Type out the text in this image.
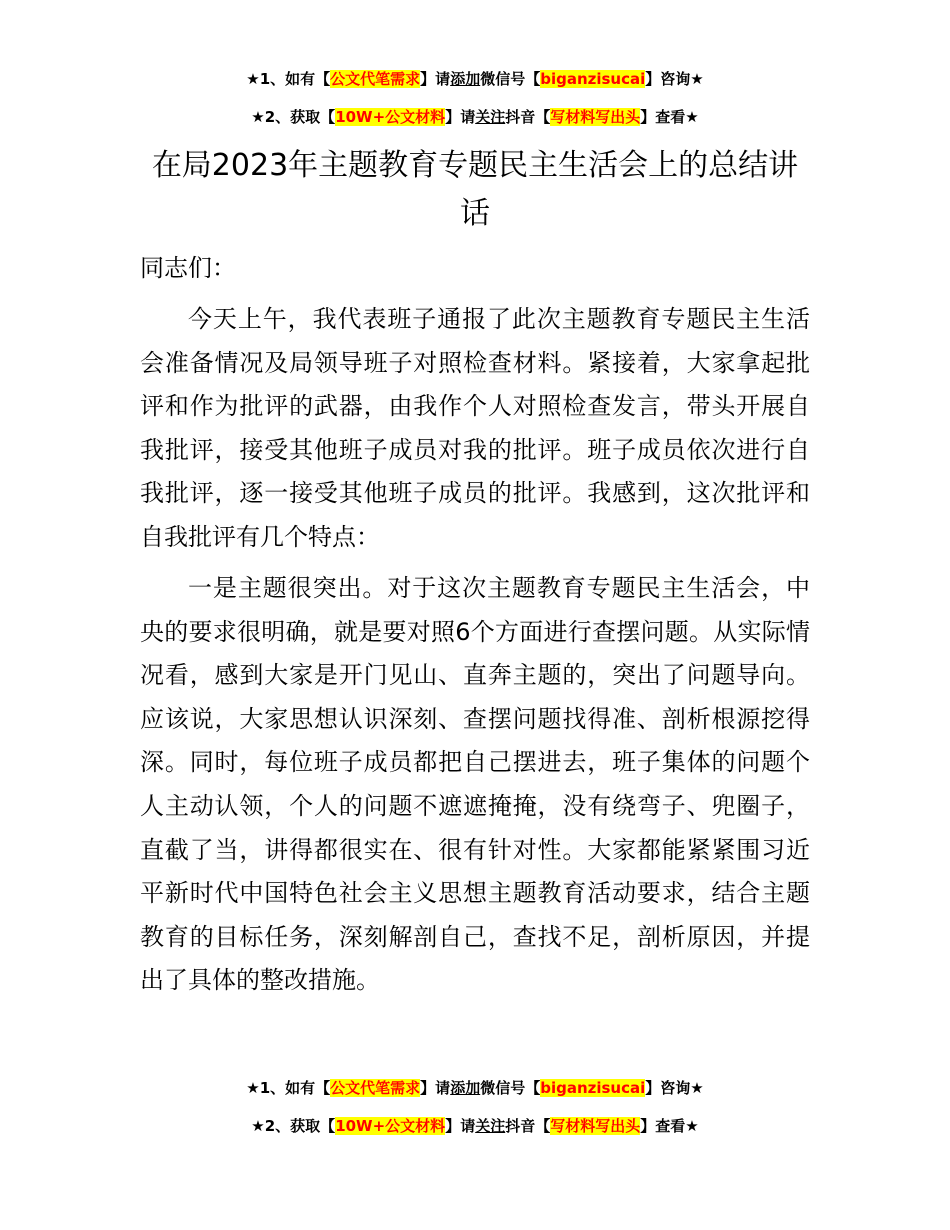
★1、如有【公文代笔需求】请添加微信号【biganzisucai】咨询★
★2、获取【10W+公文材料】请关注抖音【写材料写出头】查看★
在局2023年主题教育专题民主生活会上的总结讲话

同志们：

今天上午，我代表班子通报了此次主题教育专题民主生活会准备情况及局领导班子对照检查材料。紧接着，大家拿起批评和作为批评的武器，由我作个人对照检查发言，带头开展自我批评，接受其他班子成员对我的批评。班子成员依次进行自我批评，逐一接受其他班子成员的批评。我感到，这次批评和自我批评有几个特点：

一是主题很突出。对于这次主题教育专题民主生活会，中央的要求很明确，就是要对照6个方面进行查摆问题。从实际情况看，感到大家是开门见山、直奔主题的，突出了问题导向。应该说，大家思想认识深刻、查摆问题找得准、剖析根源挖得深。同时，每位班子成员都把自己摆进去，班子集体的问题个人主动认领，个人的问题不遮遮掩掩，没有绕弯子、兜圈子，直截了当，讲得都很实在、很有针对性。大家都能紧紧围习近平新时代中国特色社会主义思想主题教育活动要求，结合主题教育的目标任务，深刻解剖自己，查找不足，剖析原因，并提出了具体的整改措施。

★1、如有【公文代笔需求】请添加微信号【biganzisucai】咨询★
★2、获取【10W+公文材料】请关注抖音【写材料写出头】查看★
